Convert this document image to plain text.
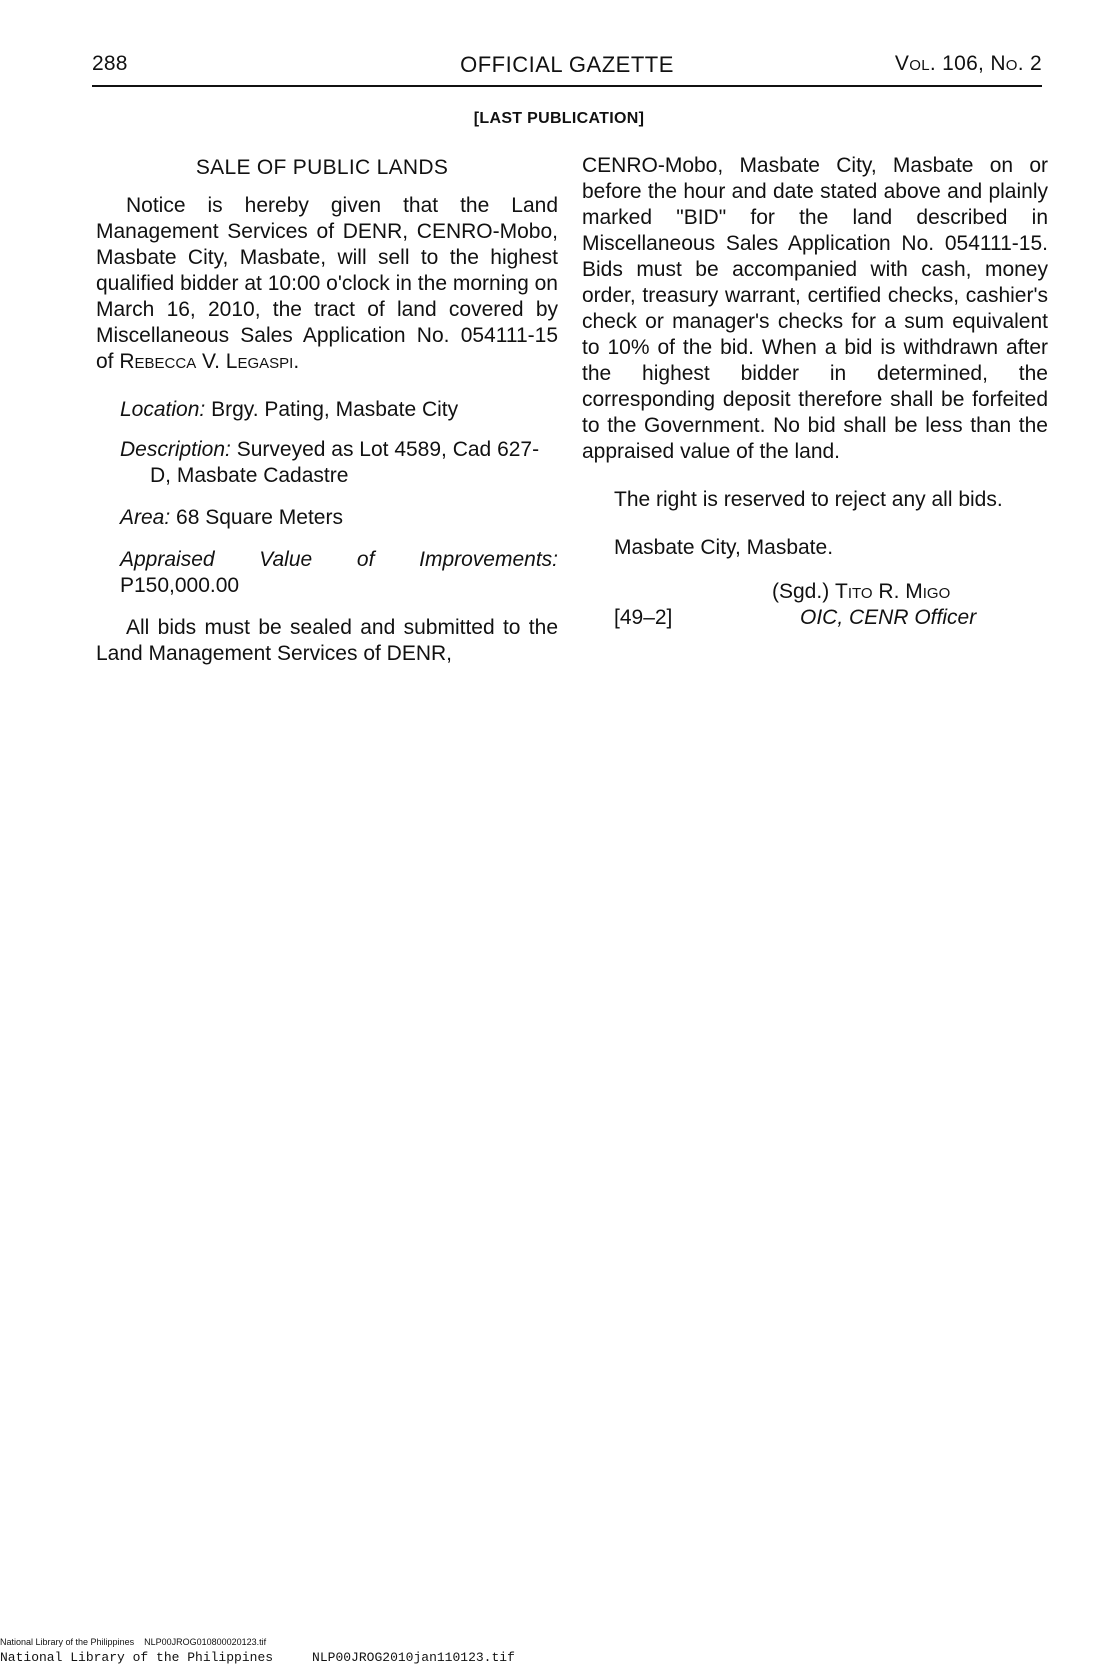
288	OFFICIAL GAZETTE	Vol. 106, No. 2
[LAST PUBLICATION]
SALE OF PUBLIC LANDS

Notice is hereby given that the Land Management Services of DENR, CENRO-Mobo, Masbate City, Masbate, will sell to the highest qualified bidder at 10:00 o'clock in the morning on March 16, 2010, the tract of land covered by Miscellaneous Sales Application No. 054111-15 of Rebecca V. Legaspi.

Location: Brgy. Pating, Masbate City

Description: Surveyed as Lot 4589, Cad 627-D, Masbate Cadastre

Area: 68 Square Meters

Appraised Value of Improvements:

P150,000.00

All bids must be sealed and submitted to the Land Management Services of DENR,

CENRO-Mobo, Masbate City, Masbate on or before the hour and date stated above and plainly marked "BID" for the land described in Miscellaneous Sales Application No. 054111-15. Bids must be accompanied with cash, money order, treasury warrant, certified checks, cashier's check or manager's checks for a sum equivalent to 10% of the bid. When a bid is withdrawn after the highest bidder in determined, the corresponding deposit therefore shall be forfeited to the Government. No bid shall be less than the appraised value of the land.

The right is reserved to reject any all bids.

Masbate City, Masbate.

[49–2]
(Sgd.) Tito R. Migo
OIC, CENR Officer
National Library of the Philippines    NLP00JROG010800020123.tif
National Library of the Philippines     NLP00JROG2010jan110123.tif
